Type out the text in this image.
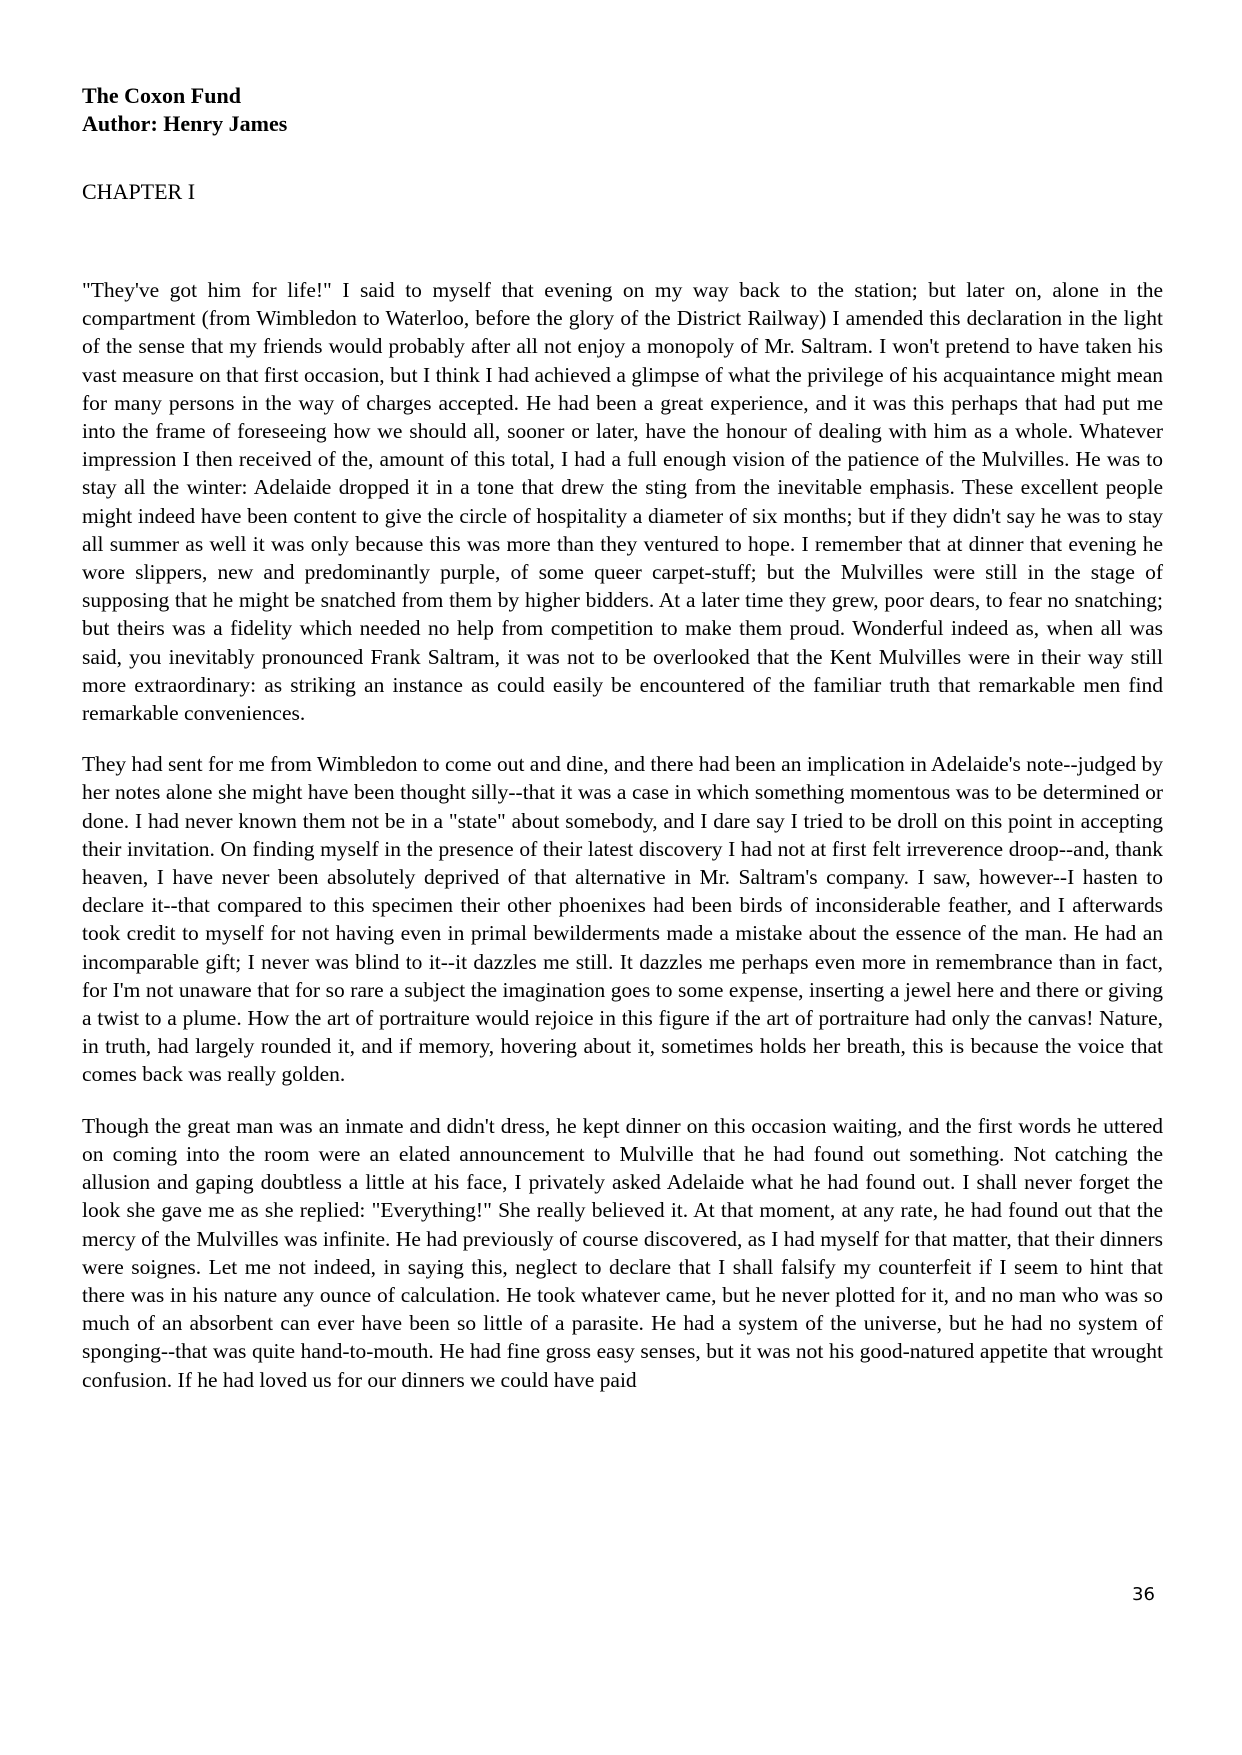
The Coxon Fund

Author: Henry James

CHAPTER I

"They've got him for life!" I said to myself that evening on my way back to the station; but later on, alone in the compartment (from Wimbledon to Waterloo, before the glory of the District Railway) I amended this declaration in the light of the sense that my friends would probably after all not enjoy a monopoly of Mr. Saltram. I won't pretend to have taken his vast measure on that first occasion, but I think I had achieved a glimpse of what the privilege of his acquaintance might mean for many persons in the way of charges accepted. He had been a great experience, and it was this perhaps that had put me into the frame of foreseeing how we should all, sooner or later, have the honour of dealing with him as a whole. Whatever impression I then received of the, amount of this total, I had a full enough vision of the patience of the Mulvilles. He was to stay all the winter: Adelaide dropped it in a tone that drew the sting from the inevitable emphasis. These excellent people might indeed have been content to give the circle of hospitality a diameter of six months; but if they didn't say he was to stay all summer as well it was only because this was more than they ventured to hope. I remember that at dinner that evening he wore slippers, new and predominantly purple, of some queer carpet-stuff; but the Mulvilles were still in the stage of supposing that he might be snatched from them by higher bidders. At a later time they grew, poor dears, to fear no snatching; but theirs was a fidelity which needed no help from competition to make them proud. Wonderful indeed as, when all was said, you inevitably pronounced Frank Saltram, it was not to be overlooked that the Kent Mulvilles were in their way still more extraordinary: as striking an instance as could easily be encountered of the familiar truth that remarkable men find remarkable conveniences.

They had sent for me from Wimbledon to come out and dine, and there had been an implication in Adelaide's note--judged by her notes alone she might have been thought silly--that it was a case in which something momentous was to be determined or done. I had never known them not be in a "state" about somebody, and I dare say I tried to be droll on this point in accepting their invitation. On finding myself in the presence of their latest discovery I had not at first felt irreverence droop--and, thank heaven, I have never been absolutely deprived of that alternative in Mr. Saltram's company. I saw, however--I hasten to declare it--that compared to this specimen their other phoenixes had been birds of inconsiderable feather, and I afterwards took credit to myself for not having even in primal bewilderments made a mistake about the essence of the man. He had an incomparable gift; I never was blind to it--it dazzles me still. It dazzles me perhaps even more in remembrance than in fact, for I'm not unaware that for so rare a subject the imagination goes to some expense, inserting a jewel here and there or giving a twist to a plume. How the art of portraiture would rejoice in this figure if the art of portraiture had only the canvas! Nature, in truth, had largely rounded it, and if memory, hovering about it, sometimes holds her breath, this is because the voice that comes back was really golden.

Though the great man was an inmate and didn't dress, he kept dinner on this occasion waiting, and the first words he uttered on coming into the room were an elated announcement to Mulville that he had found out something. Not catching the allusion and gaping doubtless a little at his face, I privately asked Adelaide what he had found out. I shall never forget the look she gave me as she replied: "Everything!" She really believed it. At that moment, at any rate, he had found out that the mercy of the Mulvilles was infinite. He had previously of course discovered, as I had myself for that matter, that their dinners were soignes. Let me not indeed, in saying this, neglect to declare that I shall falsify my counterfeit if I seem to hint that there was in his nature any ounce of calculation. He took whatever came, but he never plotted for it, and no man who was so much of an absorbent can ever have been so little of a parasite. He had a system of the universe, but he had no system of sponging--that was quite hand-to-mouth. He had fine gross easy senses, but it was not his good-natured appetite that wrought confusion. If he had loved us for our dinners we could have paid

36
